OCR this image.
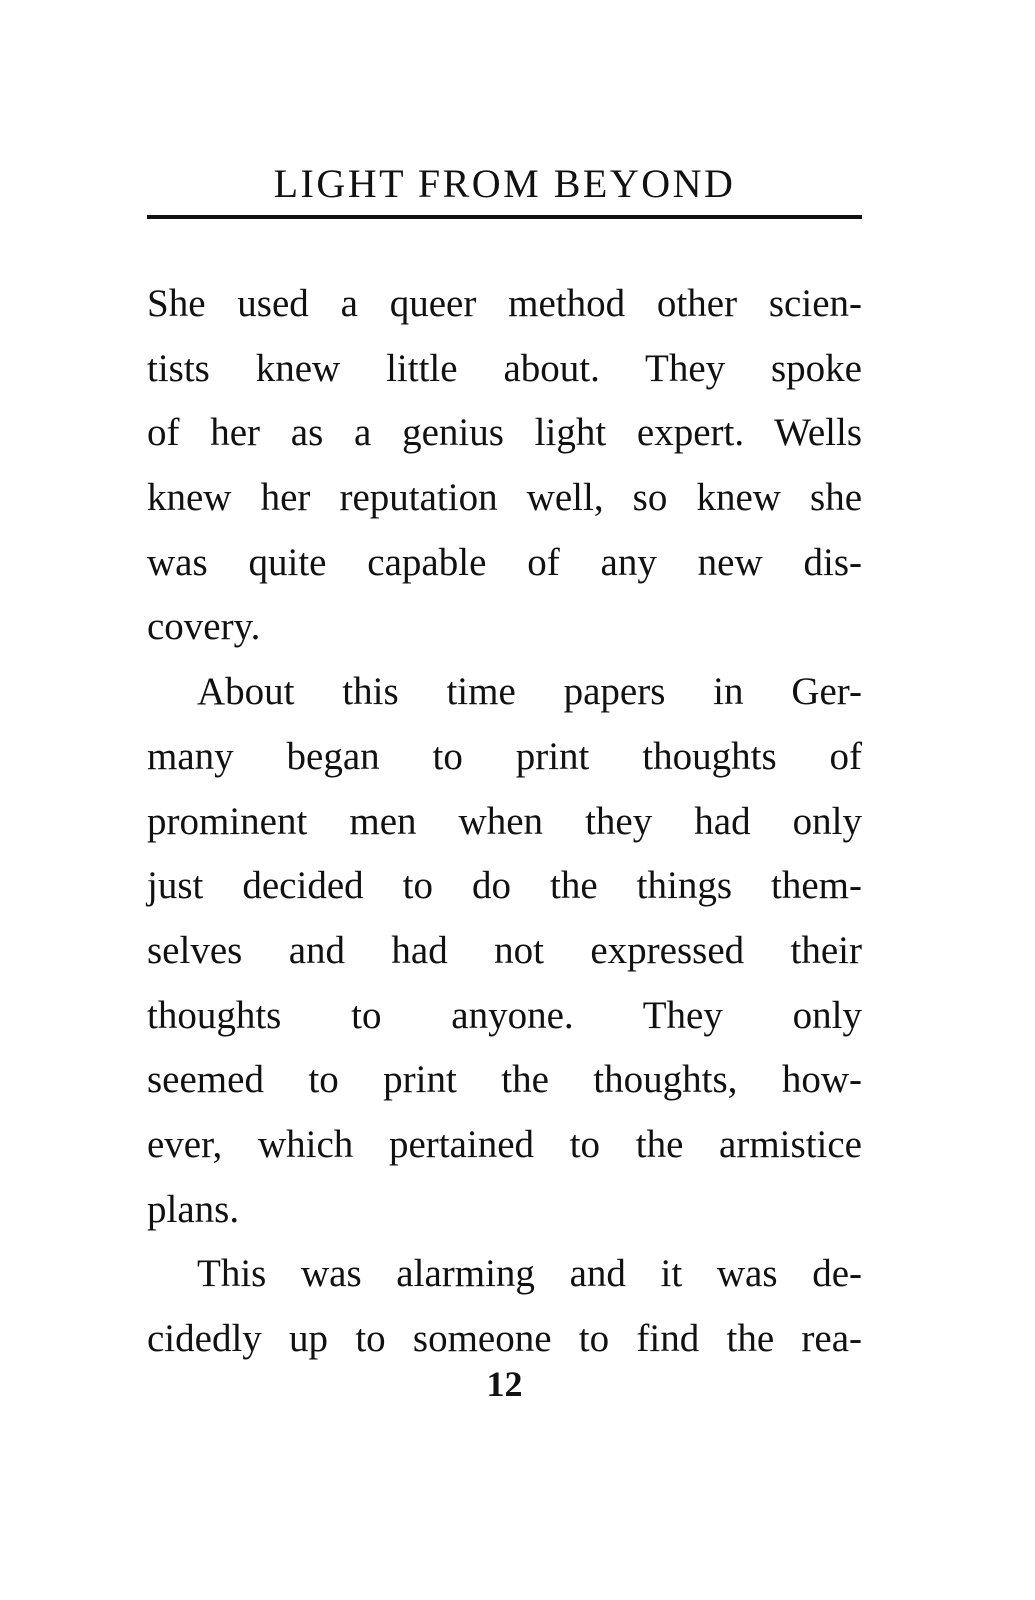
LIGHT FROM BEYOND
She used a queer method other scien-
tists knew little about. They spoke
of her as a genius light expert. Wells
knew her reputation well, so knew she
was quite capable of any new dis-
covery.
About this time papers in Ger-
many began to print thoughts of
prominent men when they had only
just decided to do the things them-
selves and had not expressed their
thoughts to anyone. They only
seemed to print the thoughts, how-
ever, which pertained to the armistice
plans.
This was alarming and it was de-
cidedly up to someone to find the rea-
12
